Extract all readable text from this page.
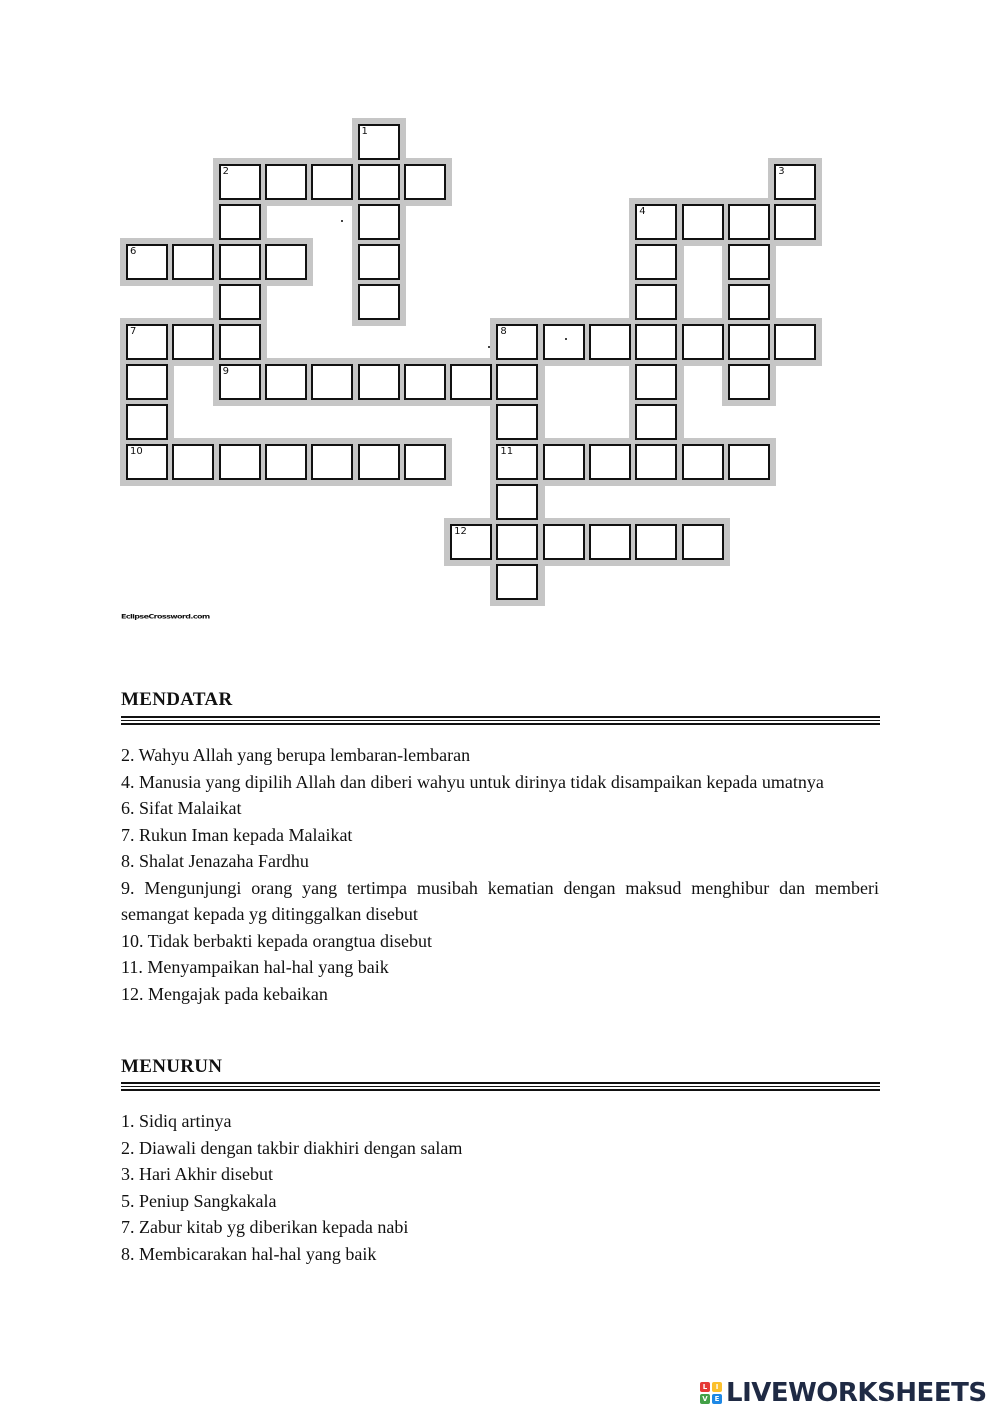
1
2	3
4
6
7	8
9
10	11
12
EclipseCrossword.com
MENDATAR
2. Wahyu Allah yang berupa lembaran-lembaran
4. Manusia yang dipilih Allah dan diberi wahyu untuk dirinya tidak disampaikan kepada umatnya
6. Sifat Malaikat
7. Rukun Iman kepada Malaikat
8. Shalat Jenazaha Fardhu
9. Mengunjungi orang yang tertimpa musibah kematian dengan maksud menghibur dan memberi semangat kepada yg ditinggalkan disebut
10. Tidak berbakti kepada orangtua disebut
11. Menyampaikan hal-hal yang baik
12. Mengajak pada kebaikan
MENURUN
1. Sidiq artinya
2. Diawali dengan takbir diakhiri dengan salam
3. Hari Akhir disebut
5. Peniup Sangkakala
7. Zabur kitab yg diberikan kepada nabi
8. Membicarakan hal-hal yang baik
L	I
V E LIVEWORKSHEETS
